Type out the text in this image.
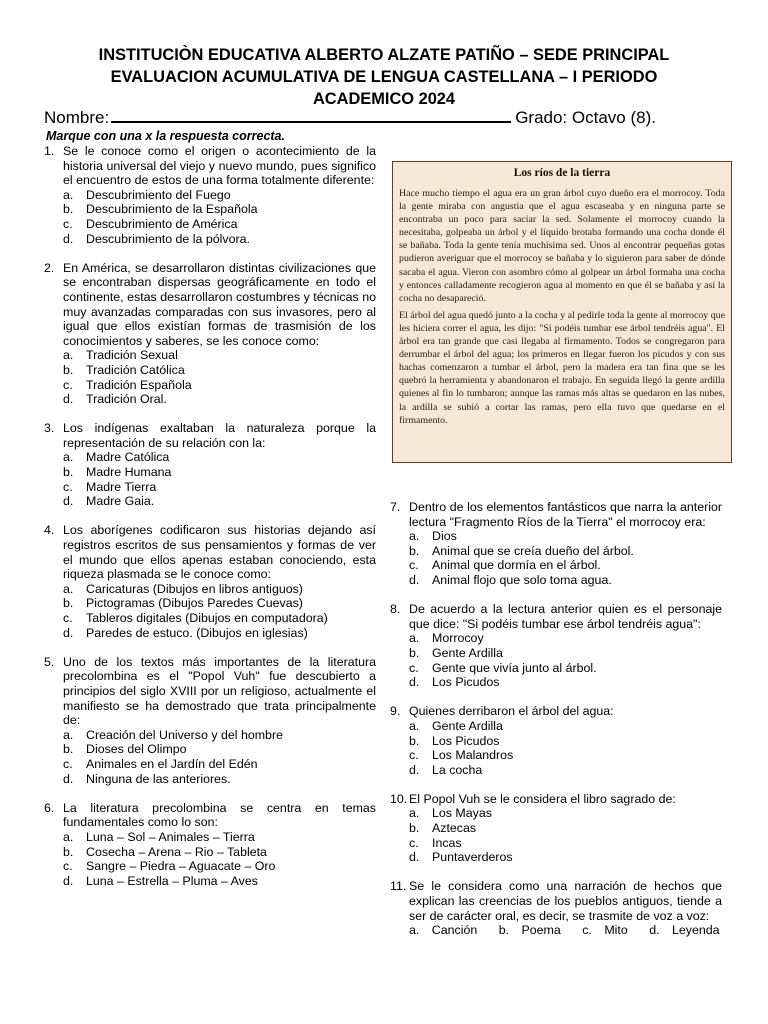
INSTITUCIÒN EDUCATIVA ALBERTO ALZATE PATIÑO – SEDE PRINCIPAL
EVALUACION ACUMULATIVA DE LENGUA CASTELLANA – I PERIODO
ACADEMICO 2024
Nombre:	Grado: Octavo (8).
Marque con una x la respuesta correcta.
1. Se le conoce como el origen o acontecimiento de la historia universal del viejo y nuevo mundo, pues significo el encuentro de estos de una forma totalmente diferente:
a.	Descubrimiento del Fuego
b.	Descubrimiento de la Española
c.	Descubrimiento de América
d.	Descubrimiento de la pólvora.
2. En América, se desarrollaron distintas civilizaciones que se encontraban dispersas geográficamente en todo el continente, estas desarrollaron costumbres y técnicas no muy avanzadas comparadas con sus invasores, pero al igual que ellos existían formas de trasmisión de los conocimientos y saberes, se les conoce como:
a.	Tradición Sexual
b.	Tradición Católica
c.	Tradición Española
d.	Tradición Oral.
3. Los indígenas exaltaban la naturaleza porque la representación de su relación con la:
a.	Madre Católica
b.	Madre Humana
c.	Madre Tierra
d.	Madre Gaia.
4. Los aborígenes codificaron sus historias dejando así registros escritos de sus pensamientos y formas de ver el mundo que ellos apenas estaban conociendo, esta riqueza plasmada se le conoce como:
a.	Caricaturas (Dibujos en libros antiguos)
b.	Pictogramas (Dibujos Paredes Cuevas)
c.	Tableros digitales (Dibujos en computadora)
d.	Paredes de estuco. (Dibujos en iglesias)
5. Uno de los textos más importantes de la literatura precolombina es el "Popol Vuh" fue descubierto a principios del siglo XVIII por un religioso, actualmente el manifiesto se ha demostrado que trata principalmente de:
a.	Creación del Universo y del hombre
b.	Dioses del Olimpo
c.	Animales en el Jardín del Edén
d.	Ninguna de las anteriores.
6. La literatura precolombina se centra en temas fundamentales como lo son:
a.	Luna – Sol – Animales – Tierra
b.	Cosecha – Arena – Rio – Tableta
c.	Sangre – Piedra – Aguacate – Oro
d.	Luna – Estrella – Pluma – Aves
Los ríos de la tierra

Hace mucho tiempo el agua era un gran árbol cuyo dueño era el morrocoy. Toda la gente miraba con angustia que el agua escaseaba y en ninguna parte se encontraba un poco para saciar la sed. Solamente el morrocoy cuando la necesitaba, golpeaba un árbol y el líquido brotaba formando una cocha donde él se bañaba. Toda la gente tenía muchísima sed. Unos al encontrar pequeñas gotas pudieron averiguar que el morrocoy se bañaba y lo siguieron para saber de dónde sacaba el agua. Vieron con asombro cómo al golpear un árbol formaba una cocha y entonces calladamente recogieron agua al momento en que él se bañaba y así la cocha no desapareció.

El árbol del agua quedó junto a la cocha y al pedirle toda la gente al morrocoy que les hiciera correr el agua, les dijo: "Si podéis tumbar ese árbol tendréis agua". El árbol era tan grande que casi llegaba al firmamento. Todos se congregaron para derrumbar el árbol del agua; los primeros en llegar fueron los picudos y con sus hachas comenzaron a tumbar el árbol, pero la madera era tan fina que se les quebró la herramienta y abandonaron el trabajo. En seguida llegó la gente ardilla quienes al fin lo tumbaron; aunque las ramas más altas se quedaron en las nubes, la ardilla se subió a cortar las ramas, pero ella tuvo que quedarse en el firmamento.

7. Dentro de los elementos fantásticos que narra la anterior lectura "Fragmento Ríos de la Tierra" el morrocoy era:
a.	Dios
b.	Animal que se creía dueño del árbol.
c.	Animal que dormía en el árbol.
d.	Animal flojo que solo toma agua.
8. De acuerdo a la lectura anterior quien es el personaje que dice: "Si podéis tumbar ese árbol tendréis agua":
a.	Morrocoy
b.	Gente Ardilla
c.	Gente que vivía junto al árbol.
d.	Los Picudos
9. Quienes derribaron el árbol del agua:
a.	Gente Ardilla
b.	Los Picudos
c.	Los Malandros
d.	La cocha
10. El Popol Vuh se le considera el libro sagrado de:
a.	Los Mayas
b.	Aztecas
c.	Incas
d.	Puntaverderos
11. Se le considera como una narración de hechos que explican las creencias de los pueblos antiguos, tiende a ser de carácter oral, es decir, se trasmite de voz a voz:
a. Canción b. Poema c. Mito d. Leyenda
